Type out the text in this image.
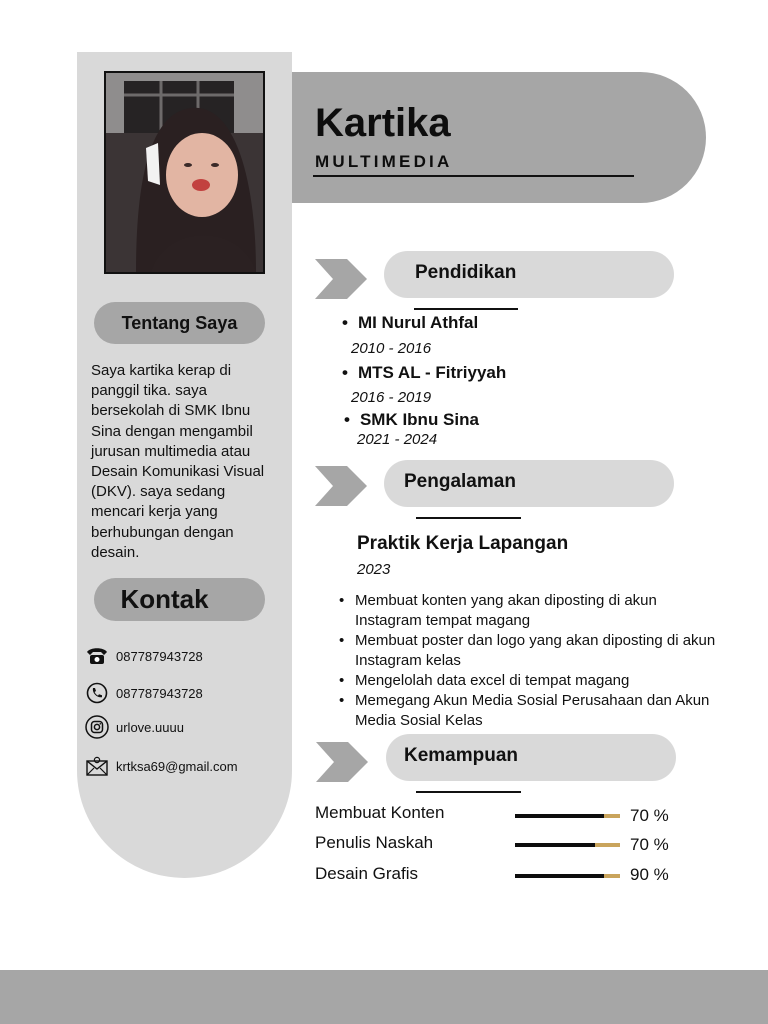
Tentang Saya

Saya kartika kerap di panggil tika. saya bersekolah di SMK Ibnu Sina dengan mengambil jurusan multimedia atau Desain Komunikasi Visual (DKV). saya sedang mencari kerja yang berhubungan dengan desain.

Kontak
087787943728
087787943728
urlove.uuuu
krtksa69@gmail.com
Kartika
MULTIMEDIA
Pendidikan
• MI Nurul Athfal
2010 - 2016
• MTS AL - Fitriyyah
2016 - 2019
• SMK Ibnu Sina
2021 - 2024
Pengalaman
Praktik Kerja Lapangan
2023
• Membuat konten yang akan diposting di akun Instagram tempat magang
• Membuat poster dan logo yang akan diposting di akun Instagram kelas
• Mengelolah data excel di tempat magang
• Memegang Akun Media Sosial Perusahaan dan Akun Media Sosial Kelas
Kemampuan
Membuat Konten	70 %
Penulis Naskah	70 %
Desain Grafis	90 %
